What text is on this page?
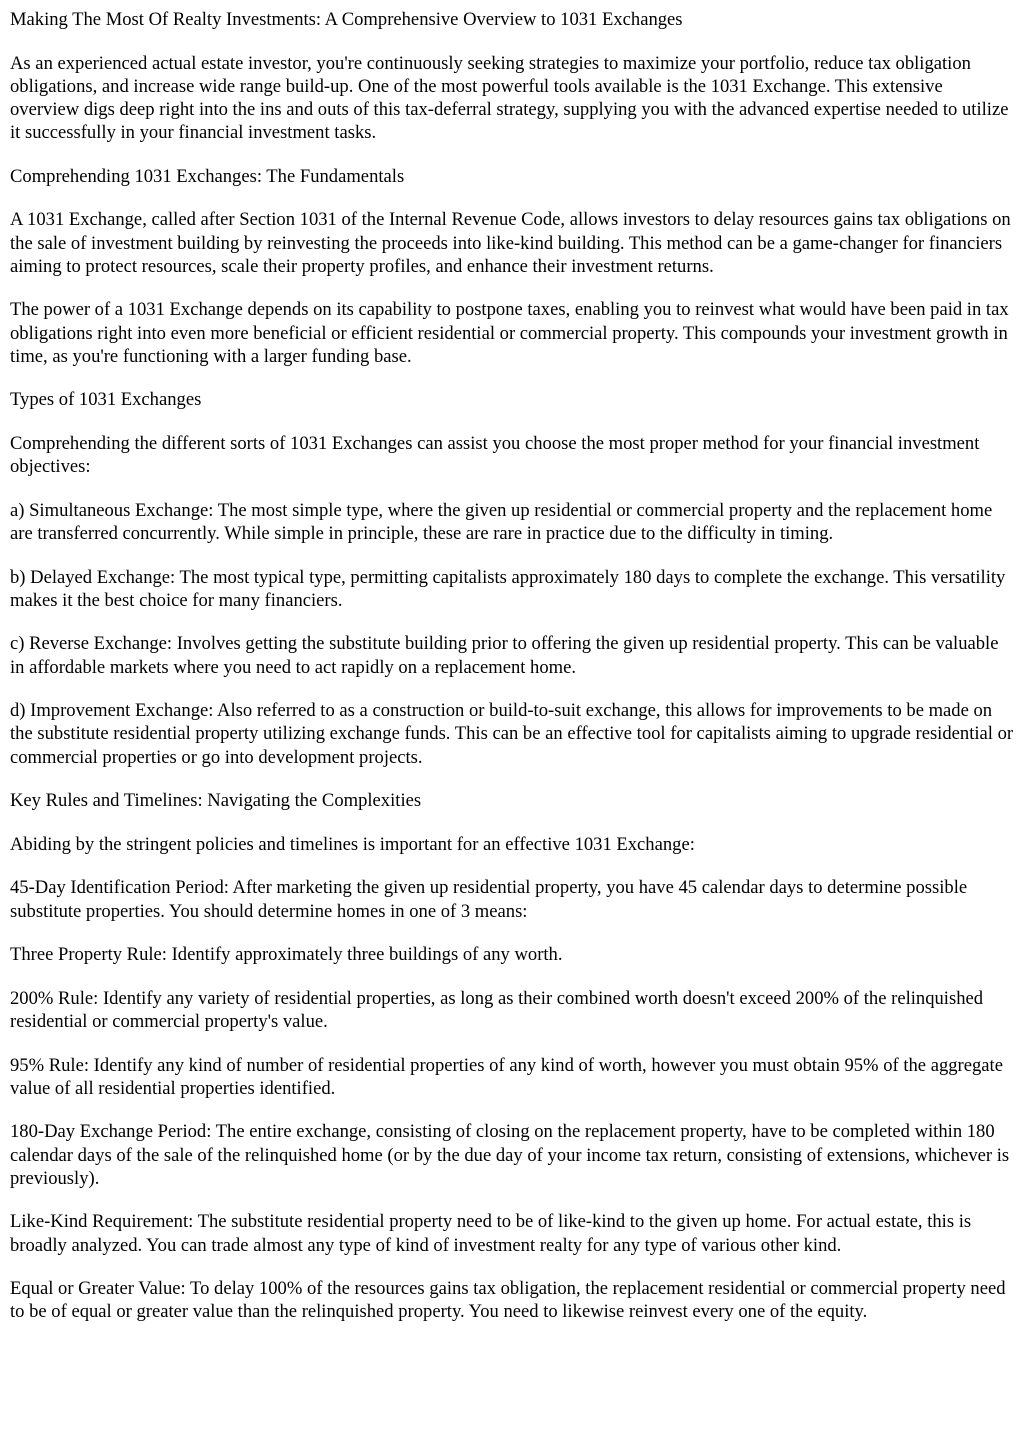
Making The Most Of Realty Investments: A Comprehensive Overview to 1031 Exchanges

As an experienced actual estate investor, you're continuously seeking strategies to maximize your portfolio, reduce tax obligation obligations, and increase wide range build-up. One of the most powerful tools available is the 1031 Exchange. This extensive overview digs deep right into the ins and outs of this tax-deferral strategy, supplying you with the advanced expertise needed to utilize it successfully in your financial investment tasks.

Comprehending 1031 Exchanges: The Fundamentals

A 1031 Exchange, called after Section 1031 of the Internal Revenue Code, allows investors to delay resources gains tax obligations on the sale of investment building by reinvesting the proceeds into like-kind building. This method can be a game-changer for financiers aiming to protect resources, scale their property profiles, and enhance their investment returns.

The power of a 1031 Exchange depends on its capability to postpone taxes, enabling you to reinvest what would have been paid in tax obligations right into even more beneficial or efficient residential or commercial property. This compounds your investment growth in time, as you're functioning with a larger funding base.

Types of 1031 Exchanges

Comprehending the different sorts of 1031 Exchanges can assist you choose the most proper method for your financial investment objectives:

a) Simultaneous Exchange: The most simple type, where the given up residential or commercial property and the replacement home are transferred concurrently. While simple in principle, these are rare in practice due to the difficulty in timing.

b) Delayed Exchange: The most typical type, permitting capitalists approximately 180 days to complete the exchange. This versatility makes it the best choice for many financiers.

c) Reverse Exchange: Involves getting the substitute building prior to offering the given up residential property. This can be valuable in affordable markets where you need to act rapidly on a replacement home.

d) Improvement Exchange: Also referred to as a construction or build-to-suit exchange, this allows for improvements to be made on the substitute residential property utilizing exchange funds. This can be an effective tool for capitalists aiming to upgrade residential or commercial properties or go into development projects.

Key Rules and Timelines: Navigating the Complexities

Abiding by the stringent policies and timelines is important for an effective 1031 Exchange:

45-Day Identification Period: After marketing the given up residential property, you have 45 calendar days to determine possible substitute properties. You should determine homes in one of 3 means:

Three Property Rule: Identify approximately three buildings of any worth.

200% Rule: Identify any variety of residential properties, as long as their combined worth doesn't exceed 200% of the relinquished residential or commercial property's value.

95% Rule: Identify any kind of number of residential properties of any kind of worth, however you must obtain 95% of the aggregate value of all residential properties identified.

180-Day Exchange Period: The entire exchange, consisting of closing on the replacement property, have to be completed within 180 calendar days of the sale of the relinquished home (or by the due day of your income tax return, consisting of extensions, whichever is previously).

Like-Kind Requirement: The substitute residential property need to be of like-kind to the given up home. For actual estate, this is broadly analyzed. You can trade almost any type of kind of investment realty for any type of various other kind.

Equal or Greater Value: To delay 100% of the resources gains tax obligation, the replacement residential or commercial property need to be of equal or greater value than the relinquished property. You need to likewise reinvest every one of the equity.
